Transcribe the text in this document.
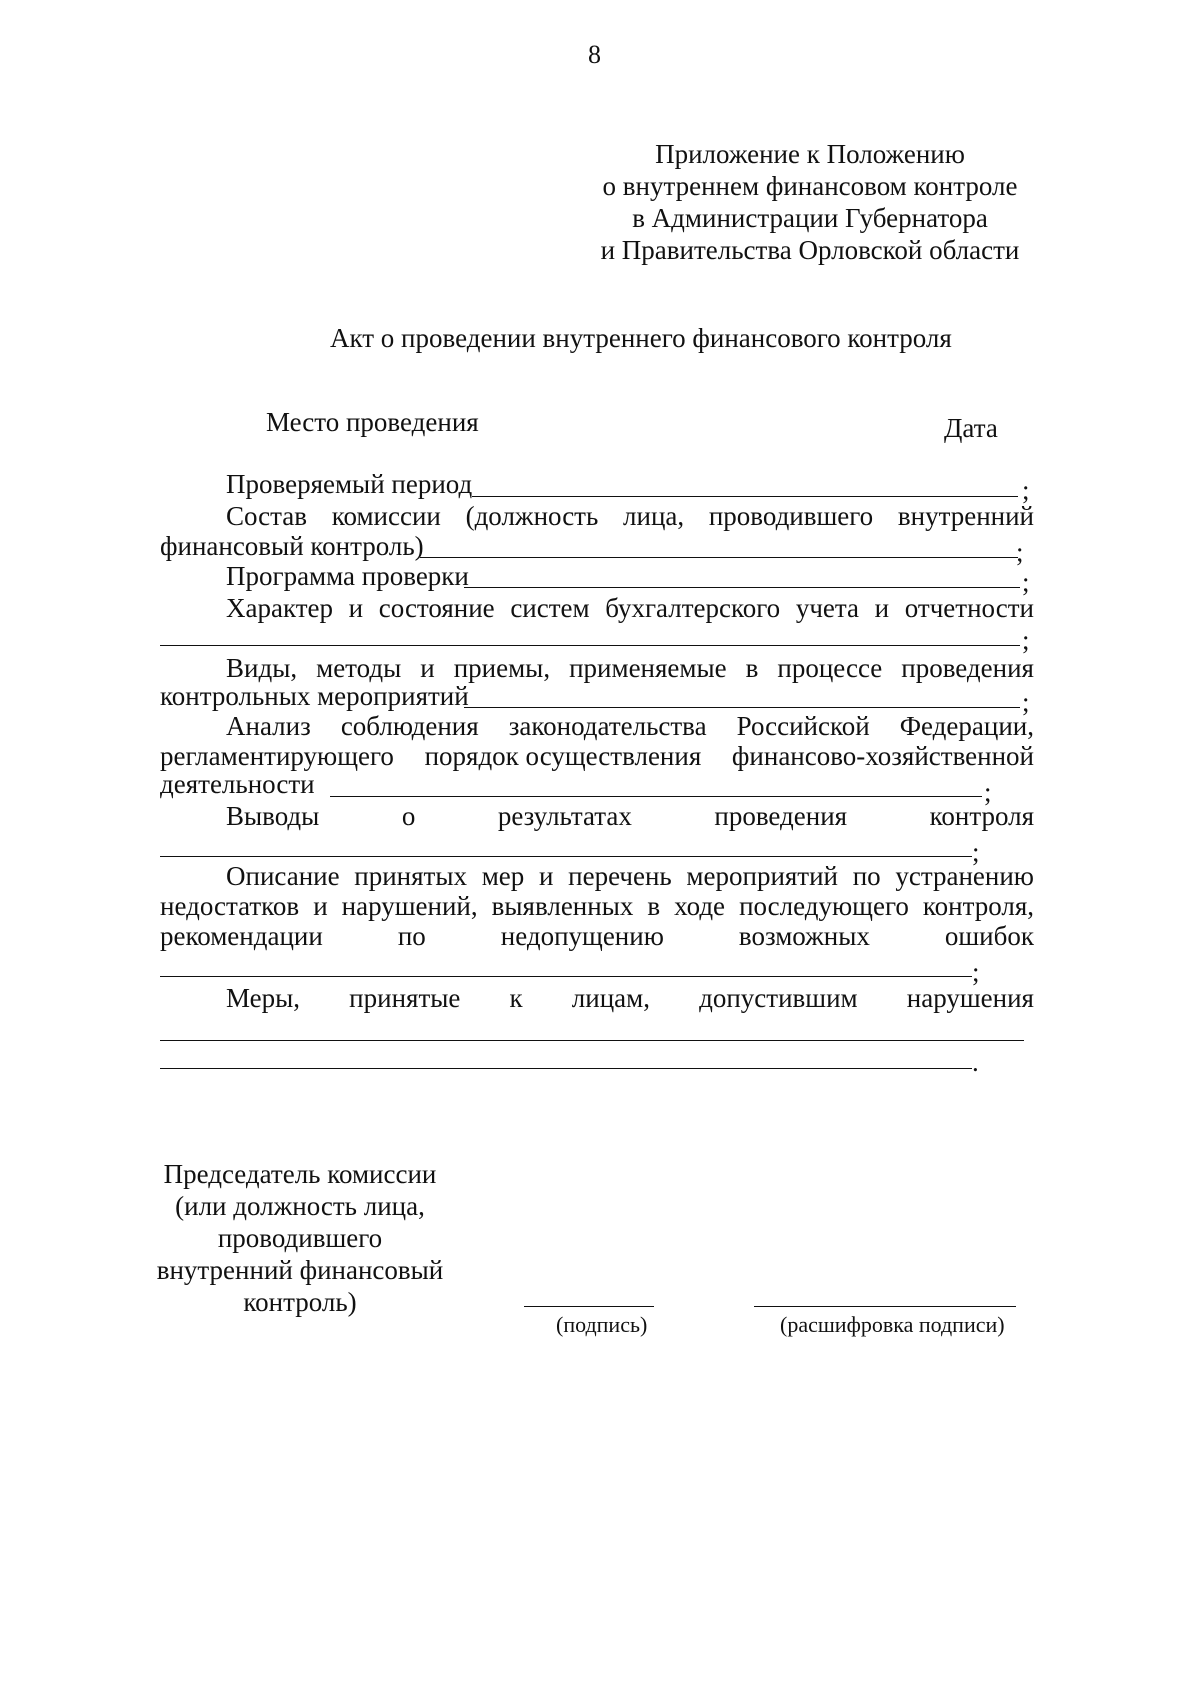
8
Приложение к Положению
о внутреннем финансовом контроле
в Администрации Губернатора
и Правительства Орловской области
Акт о проведении внутреннего финансового контроля
Место проведения	Дата
Проверяемый период	;
Состав комиссии (должность лица, проводившего внутренний
финансовый контроль)	;
Программа проверки	;
Характер и состояние систем бухгалтерского учета и отчетности
;
Виды, методы и приемы, применяемые в процессе проведения
контрольных мероприятий	;
Анализ соблюдения законодательства Российской Федерации,
регламентирующего порядок осуществления финансово-хозяйственной
деятельности	;
Выводы	о	результатах	проведения	контроля
;
Описание принятых мер и перечень мероприятий по устранению
недостатков и нарушений, выявленных в ходе последующего контроля,
рекомендации	по	недопущению	возможных	ошибок
;
Меры, принятые к лицам, допустившим нарушения
.
Председатель комиссии
(или должность лица,
проводившего
внутренний финансовый
контроль)
(подпись)	(расшифровка подписи)
